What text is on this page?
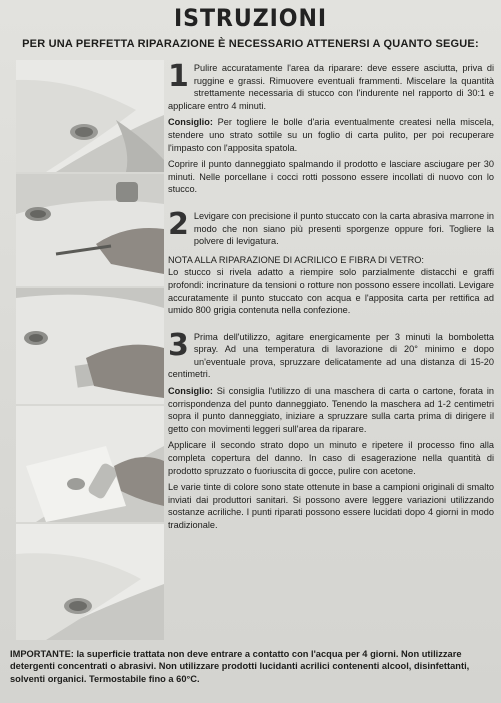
ISTRUZIONI
PER UNA PERFETTA RIPARAZIONE È NECESSARIO ATTENERSI A QUANTO SEGUE:
1 Pulire accuratamente l'area da riparare: deve essere asciutta, priva di ruggine e grassi. Rimuovere eventuali frammenti. Miscelare la quantità strettamente necessaria di stucco con l'indurente nel rapporto di 30:1 e applicare entro 4 minuti.

Consiglio: Per togliere le bolle d'aria eventualmente createsi nella miscela, stendere uno strato sottile su un foglio di carta pulito, per poi recuperare l'impasto con l'apposita spatola.

Coprire il punto danneggiato spalmando il prodotto e lasciare asciugare per 30 minuti. Nelle porcellane i cocci rotti possono essere incollati di nuovo con lo stucco.

2 Levigare con precisione il punto stuccato con la carta abrasiva marrone in modo che non siano più presenti sporgenze oppure fori. Togliere la polvere di levigatura.

NOTA ALLA RIPARAZIONE DI ACRILICO E FIBRA DI VETRO:

Lo stucco si rivela adatto a riempire solo parzialmente distacchi e graffi profondi: incrinature da tensioni o rotture non possono essere incollati. Levigare accuratamente il punto stuccato con acqua e l'apposita carta per rettifica ad umido 800 grigia contenuta nella confezione.

3 Prima dell'utilizzo, agitare energicamente per 3 minuti la bomboletta spray. Ad una temperatura di lavorazione di 20° minimo e dopo un'eventuale prova, spruzzare delicatamente ad una distanza di 15-20 centimetri.

Consiglio: Si consiglia l'utilizzo di una maschera di carta o cartone, forata in corrispondenza del punto danneggiato. Tenendo la maschera ad 1-2 centimetri sopra il punto danneggiato, iniziare a spruzzare sulla carta prima di dirigere il getto con movimenti leggeri sull'area da riparare.

Applicare il secondo strato dopo un minuto e ripetere il processo fino alla completa copertura del danno. In caso di esagerazione nella quantità di prodotto spruzzato o fuoriuscita di gocce, pulire con acetone.

Le varie tinte di colore sono state ottenute in base a campioni originali di smalto inviati dai produttori sanitari. Si possono avere leggere variazioni utilizzando sostanze acriliche. I punti riparati possono essere lucidati dopo 4 giorni in modo tradizionale.

IMPORTANTE: la superficie trattata non deve entrare a contatto con l'acqua per 4 giorni. Non utilizzare detergenti concentrati o abrasivi. Non utilizzare prodotti lucidanti acrilici contenenti alcool, disinfettanti, solventi organici. Termostabile fino a 60°C.
